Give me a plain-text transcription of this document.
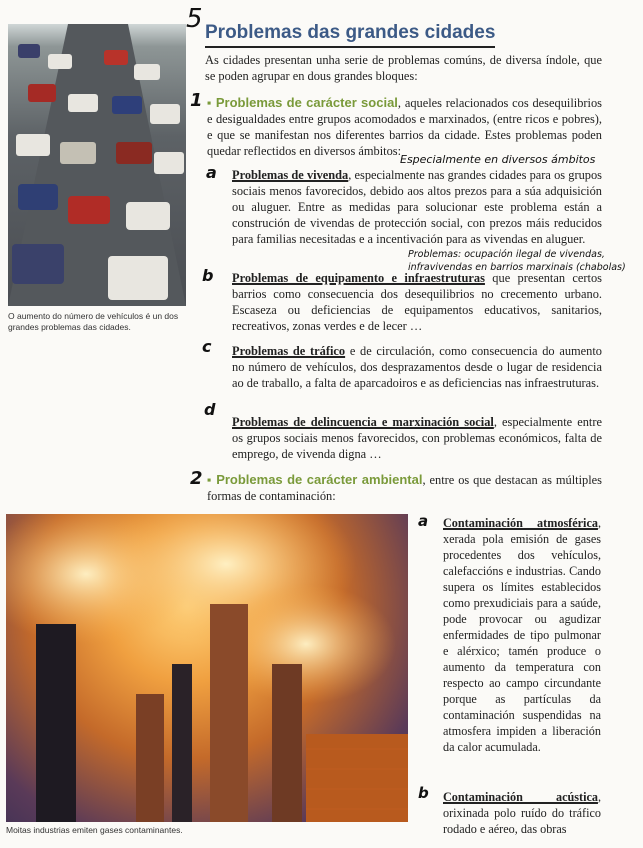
5 Problemas das grandes cidades
O aumento do número de vehículos é un dos grandes problemas das cidades.
As cidades presentan unha serie de problemas comúns, de diversa índole, que se poden agrupar en dous grandes bloques:
1 ▪ Problemas de carácter social, aqueles relacionados cos desequilibrios e desigualdades entre grupos acomodados e marxinados, (entre ricos e pobres), e que se manifestan nos diferentes barrios da cidade. Estes problemas poden quedar reflectidos en diversos ámbitos:
Especialmente en diversos ámbitos
a Problemas de vivenda, especialmente nas grandes cidades para os grupos sociais menos favorecidos, debido aos altos prezos para a súa adquisición ou aluguer. Entre as medidas para solucionar este problema están a construción de vivendas de protección social, con prezos máis reducidos para familias necesitadas e a incentivación para as vivendas en aluguer.
Problemas: ocupación ilegal de vivendas, infravivendas en barrios marxinais (chabolas)
b Problemas de equipamento e infraestruturas que presentan certos barrios como consecuencia dos desequilibrios no crecemento urbano. Escaseza ou deficiencias de equipamentos educativos, sanitarios, recreativos, zonas verdes e de lecer …
c Problemas de tráfico e de circulación, como consecuencia do aumento no número de vehículos, dos desprazamentos desde o lugar de residencia ao de traballo, a falta de aparcadoiros e as deficiencias nas infraestruturas.
d
Problemas de delincuencia e marxinación social, especialmente entre os grupos sociais menos favorecidos, con problemas económicos, falta de emprego, de vivenda digna …
2 ▪ Problemas de carácter ambiental, entre os que destacan as múltiples formas de contaminación:
Moitas industrias emiten gases contaminantes.
a Contaminación atmosférica, xerada pola emisión de gases procedentes dos vehículos, calefaccións e industrias. Cando supera os límites establecidos como prexudiciais para a saúde, pode provocar ou agudizar enfermidades de tipo pulmonar e alérxico; tamén produce o aumento da temperatura con respecto ao campo circundante porque as partículas da contaminación suspendidas na atmosfera impiden a liberación da calor acumulada.
b Contaminación acústica, orixinada polo ruído do tráfico rodado e aéreo, das obras
